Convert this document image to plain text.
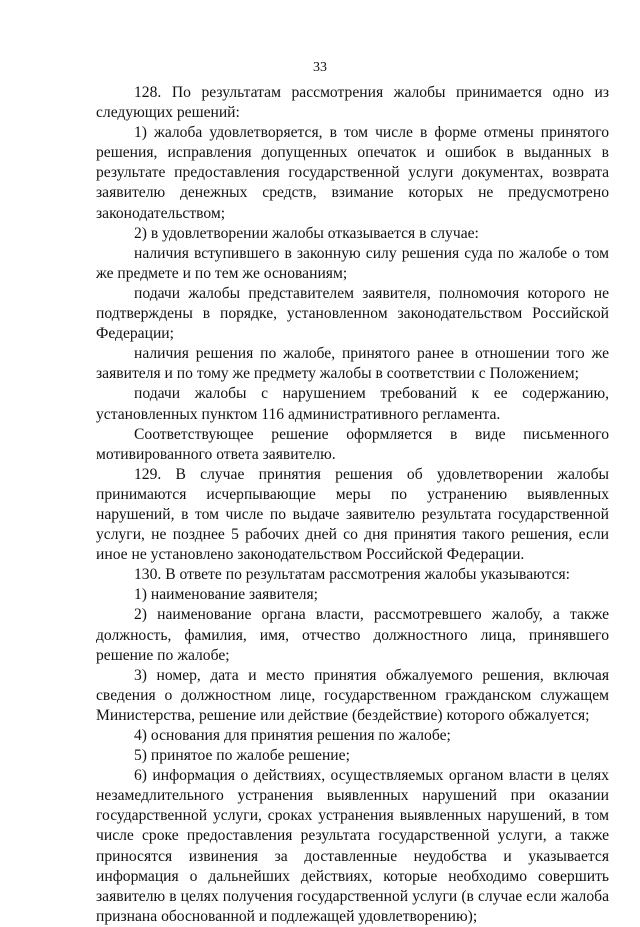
33

128. По результатам рассмотрения жалобы принимается одно из следующих решений:

1) жалоба удовлетворяется, в том числе в форме отмены принятого решения, исправления допущенных опечаток и ошибок в выданных в результате предоставления государственной услуги документах, возврата заявителю денежных средств, взимание которых не предусмотрено законодательством;

2) в удовлетворении жалобы отказывается в случае:

наличия вступившего в законную силу решения суда по жалобе о том же предмете и по тем же основаниям;

подачи жалобы представителем заявителя, полномочия которого не подтверждены в порядке, установленном законодательством Российской Федерации;

наличия решения по жалобе, принятого ранее в отношении того же заявителя и по тому же предмету жалобы в соответствии с Положением;

подачи жалобы с нарушением требований к ее содержанию, установленных пунктом 116 административного регламента.

Соответствующее решение оформляется в виде письменного мотивированного ответа заявителю.

129. В случае принятия решения об удовлетворении жалобы принимаются исчерпывающие меры по устранению выявленных нарушений, в том числе по выдаче заявителю результата государственной услуги, не позднее 5 рабочих дней со дня принятия такого решения, если иное не установлено законодательством Российской Федерации.

130. В ответе по результатам рассмотрения жалобы указываются:

1) наименование заявителя;

2) наименование органа власти, рассмотревшего жалобу, а также должность, фамилия, имя, отчество должностного лица, принявшего решение по жалобе;

3) номер, дата и место принятия обжалуемого решения, включая сведения о должностном лице, государственном гражданском служащем Министерства, решение или действие (бездействие) которого обжалуется;

4) основания для принятия решения по жалобе;

5) принятое по жалобе решение;

6) информация о действиях, осуществляемых органом власти в целях незамедлительного устранения выявленных нарушений при оказании государственной услуги, сроках устранения выявленных нарушений, в том числе сроке предоставления результата государственной услуги, а также приносятся извинения за доставленные неудобства и указывается информация о дальнейших действиях, которые необходимо совершить заявителю в целях получения государственной услуги (в случае если жалоба признана обоснованной и подлежащей удовлетворению);
